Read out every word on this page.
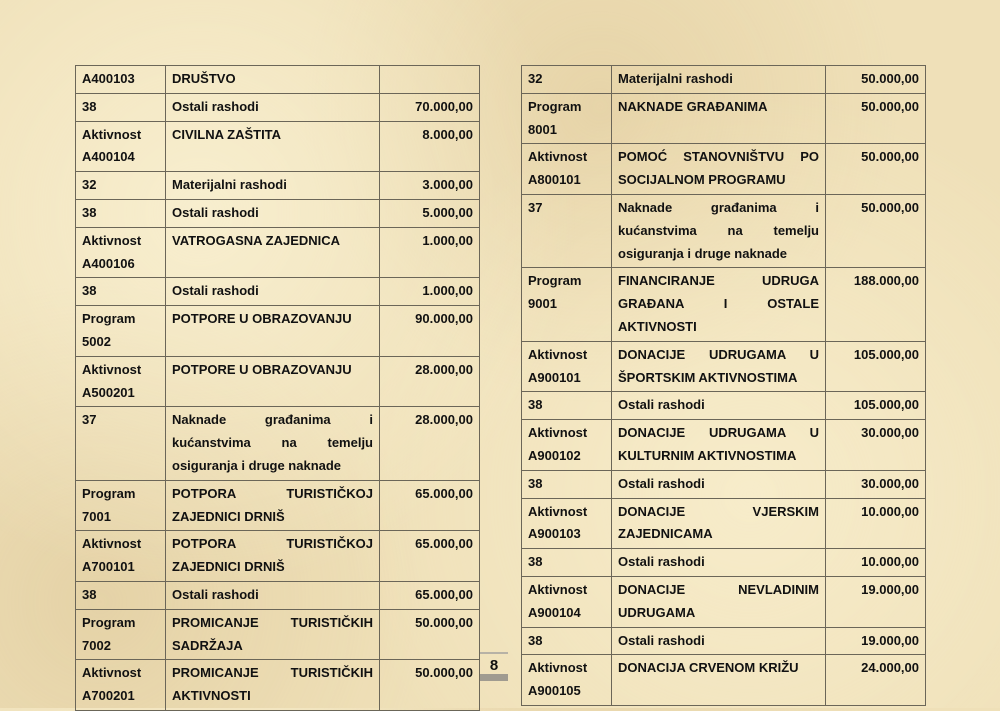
A400103	DRUŠTVO	
38	Ostali rashodi	70.000,00
Aktivnost A400104	CIVILNA ZAŠTITA	8.000,00
32	Materijalni rashodi	3.000,00
38	Ostali rashodi	5.000,00
Aktivnost A400106	VATROGASNA ZAJEDNICA	1.000,00
38	Ostali rashodi	1.000,00
Program 5002	POTPORE U OBRAZOVANJU	90.000,00
Aktivnost A500201	POTPORE U OBRAZOVANJU	28.000,00
37	Naknade građanima i kućanstvima na temelju osiguranja i druge naknade	28.000,00
Program 7001	POTPORA TURISTIČKOJ ZAJEDNICI DRNIŠ	65.000,00
Aktivnost A700101	POTPORA TURISTIČKOJ ZAJEDNICI DRNIŠ	65.000,00
38	Ostali rashodi	65.000,00
Program 7002	PROMICANJE TURISTIČKIH SADRŽAJA	50.000,00
Aktivnost A700201	PROMICANJE TURISTIČKIH AKTIVNOSTI	50.000,00
32	Materijalni rashodi	50.000,00
Program 8001	NAKNADE GRAĐANIMA	50.000,00
Aktivnost A800101	POMOĆ STANOVNIŠTVU PO SOCIJALNOM PROGRAMU	50.000,00
37	Naknade građanima i kućanstvima na temelju osiguranja i druge naknade	50.000,00
Program 9001	FINANCIRANJE UDRUGA GRAĐANA I OSTALE AKTIVNOSTI	188.000,00
Aktivnost A900101	DONACIJE UDRUGAMA U ŠPORTSKIM AKTIVNOSTIMA	105.000,00
38	Ostali rashodi	105.000,00
Aktivnost A900102	DONACIJE UDRUGAMA U KULTURNIM AKTIVNOSTIMA	30.000,00
38	Ostali rashodi	30.000,00
Aktivnost A900103	DONACIJE VJERSKIM ZAJEDNICAMA	10.000,00
38	Ostali rashodi	10.000,00
Aktivnost A900104	DONACIJE NEVLADINIM UDRUGAMA	19.000,00
38	Ostali rashodi	19.000,00
Aktivnost A900105	DONACIJA CRVENOM KRIŽU	24.000,00
8
